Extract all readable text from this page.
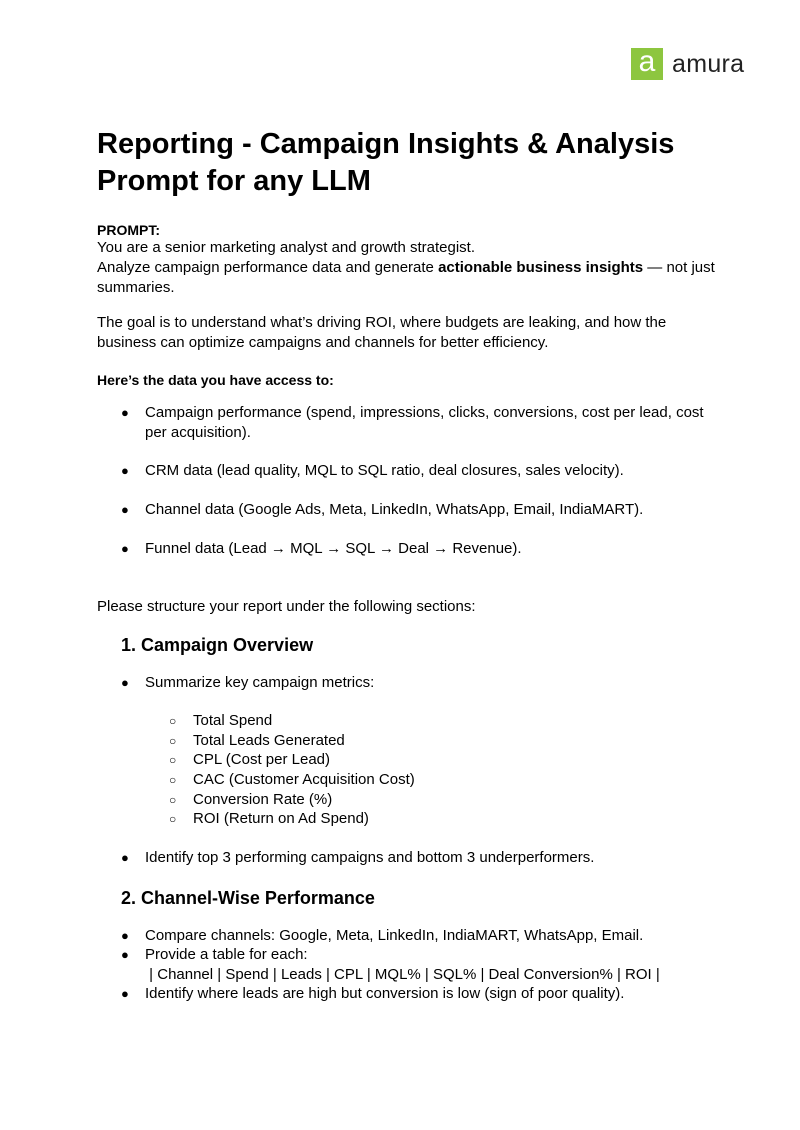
a amura
Reporting - Campaign Insights & Analysis Prompt for any LLM

PROMPT:

You are a senior marketing analyst and growth strategist.
Analyze campaign performance data and generate actionable business insights — not just summaries.

The goal is to understand what’s driving ROI, where budgets are leaking, and how the business can optimize campaigns and channels for better efficiency.

Here’s the data you have access to:

● Campaign performance (spend, impressions, clicks, conversions, cost per lead, cost per acquisition).
● CRM data (lead quality, MQL to SQL ratio, deal closures, sales velocity).
● Channel data (Google Ads, Meta, LinkedIn, WhatsApp, Email, IndiaMART).
● Funnel data (Lead → MQL → SQL → Deal → Revenue).

Please structure your report under the following sections:

1. Campaign Overview
● Summarize key campaign metrics:
○ Total Spend
○ Total Leads Generated
○ CPL (Cost per Lead)
○ CAC (Customer Acquisition Cost)
○ Conversion Rate (%)
○ ROI (Return on Ad Spend)
● Identify top 3 performing campaigns and bottom 3 underperformers.
2. Channel-Wise Performance
● Compare channels: Google, Meta, LinkedIn, IndiaMART, WhatsApp, Email.
● Provide a table for each:
| Channel | Spend | Leads | CPL | MQL% | SQL% | Deal Conversion% | ROI |
● Identify where leads are high but conversion is low (sign of poor quality).
